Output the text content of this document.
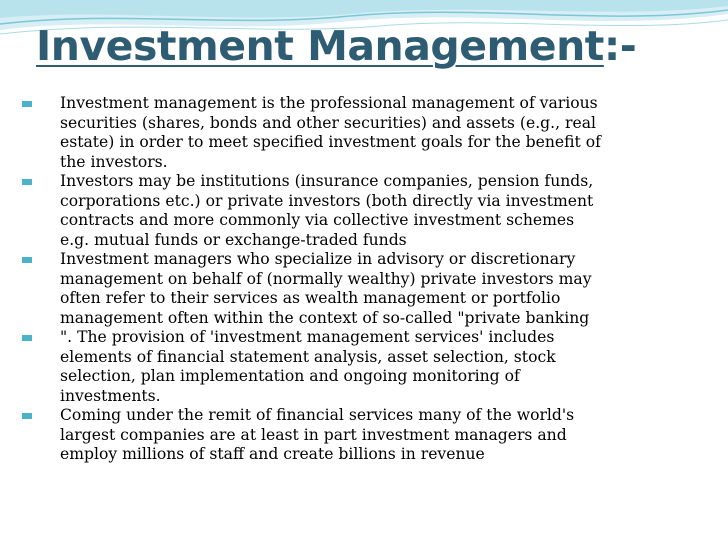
Investment Management:-
Investment management is the professional management of various
securities (shares, bonds and other securities) and assets (e.g., real
estate) in order to meet specified investment goals for the benefit of
the investors.
Investors may be institutions (insurance companies, pension funds,
corporations etc.) or private investors (both directly via investment
contracts and more commonly via collective investment schemes
e.g. mutual funds or exchange-traded funds
Investment managers who specialize in advisory or discretionary
management on behalf of (normally wealthy) private investors may
often refer to their services as wealth management or portfolio
management often within the context of so-called "private banking
". The provision of 'investment management services' includes
elements of financial statement analysis, asset selection, stock
selection, plan implementation and ongoing monitoring of
investments.
Coming under the remit of financial services many of the world's
largest companies are at least in part investment managers and
employ millions of staff and create billions in revenue
